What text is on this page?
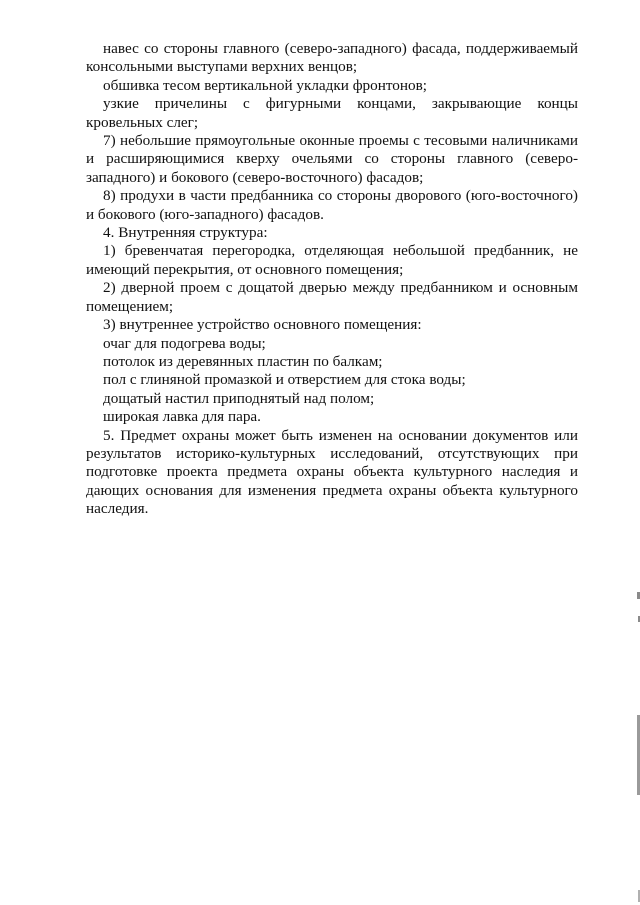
навес со стороны главного (северо-западного) фасада, поддерживаемый консольными выступами верхних венцов;

обшивка тесом вертикальной укладки фронтонов;

узкие причелины с фигурными концами, закрывающие концы кровельных слег;

7) небольшие прямоугольные оконные проемы с тесовыми наличниками и расширяющимися кверху очельями со стороны главного (северо-западного) и бокового (северо-восточного) фасадов;

8) продухи в части предбанника со стороны дворового (юго-восточного) и бокового (юго-западного) фасадов.

4. Внутренняя структура:

1) бревенчатая перегородка, отделяющая небольшой предбанник, не имеющий перекрытия, от основного помещения;

2) дверной проем с дощатой дверью между предбанником и основным помещением;

3) внутреннее устройство основного помещения:

очаг для подогрева воды;

потолок из деревянных пластин по балкам;

пол с глиняной промазкой и отверстием для стока воды;

дощатый настил приподнятый над полом;

широкая лавка для пара.

5. Предмет охраны может быть изменен на основании документов или результатов историко-культурных исследований, отсутствующих при подготовке проекта предмета охраны объекта культурного наследия и дающих основания для изменения предмета охраны объекта культурного наследия.
